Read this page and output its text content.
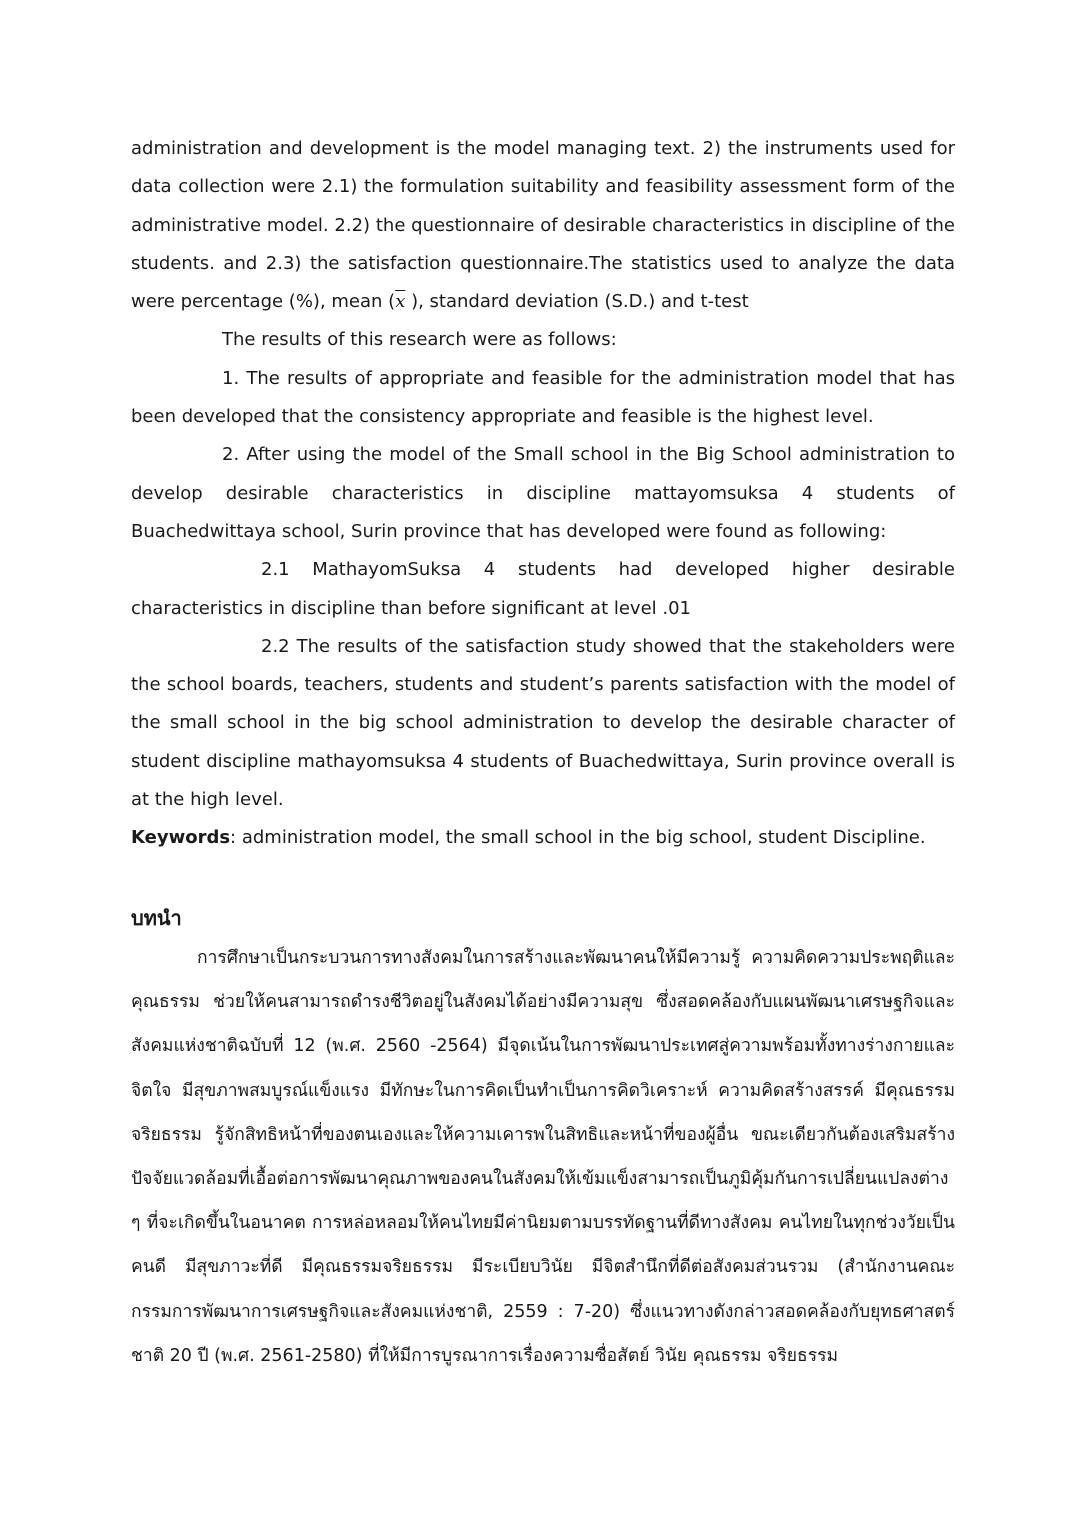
administration and development is the model managing text. 2) the instruments used for data collection were 2.1) the formulation suitability and feasibility assessment form of the administrative model. 2.2) the questionnaire of desirable characteristics in discipline of the students. and 2.3) the satisfaction questionnaire.The statistics used to analyze the data were percentage (%), mean ($\overline{x}$ ), standard deviation (S.D.) and t-test

The results of this research were as follows:

1. The results of appropriate and feasible for the administration model that has been developed that the consistency appropriate and feasible is the highest level.

2. After using the model of the Small school in the Big School administration to develop desirable characteristics in discipline mattayomsuksa 4 students of Buachedwittaya school, Surin province that has developed were found as following:

2.1 MathayomSuksa 4 students had developed higher desirable characteristics in discipline than before significant at level .01

2.2 The results of the satisfaction study showed that the stakeholders were the school boards, teachers, students and student’s parents satisfaction with the model of the small school in the big school administration to develop the desirable character of student discipline mathayomsuksa 4 students of Buachedwittaya, Surin province overall is at the high level.

Keywords: administration model, the small school in the big school, student Discipline.

บทนำ

การศึกษาเป็นกระบวนการทางสังคมในการสร้างและพัฒนาคนให้มีความรู้ ความคิดความประพฤติและคุณธรรม ช่วยให้คนสามารถดำรงชีวิตอยู่ในสังคมได้อย่างมีความสุข ซึ่งสอดคล้องกับแผนพัฒนาเศรษฐกิจและสังคมแห่งชาติฉบับที่ 12 (พ.ศ. 2560 -2564) มีจุดเน้นในการพัฒนาประเทศสู่ความพร้อมทั้งทางร่างกายและจิตใจ มีสุขภาพสมบูรณ์แข็งแรง มีทักษะในการคิดเป็นทำเป็นการคิดวิเคราะห์ ความคิดสร้างสรรค์ มีคุณธรรม จริยธรรม รู้จักสิทธิหน้าที่ของตนเองและให้ความเคารพในสิทธิและหน้าที่ของผู้อื่น ขณะเดียวกันต้องเสริมสร้างปัจจัยแวดล้อมที่เอื้อต่อการพัฒนาคุณภาพของคนในสังคมให้เข้มแข็งสามารถเป็นภูมิคุ้มกันการเปลี่ยนแปลงต่าง ๆ ที่จะเกิดขึ้นในอนาคต การหล่อหลอมให้คนไทยมีค่านิยมตามบรรทัดฐานที่ดีทางสังคม คนไทยในทุกช่วงวัยเป็นคนดี มีสุขภาวะที่ดี มีคุณธรรมจริยธรรม มีระเบียบวินัย มีจิตสำนึกที่ดีต่อสังคมส่วนรวม (สำนักงานคณะกรรมการพัฒนาการเศรษฐกิจและสังคมแห่งชาติ, 2559 : 7-20) ซึ่งแนวทางดังกล่าวสอดคล้องกับยุทธศาสตร์ชาติ 20 ปี (พ.ศ. 2561-2580) ที่ให้มีการบูรณาการเรื่องความซื่อสัตย์ วินัย คุณธรรม จริยธรรม
